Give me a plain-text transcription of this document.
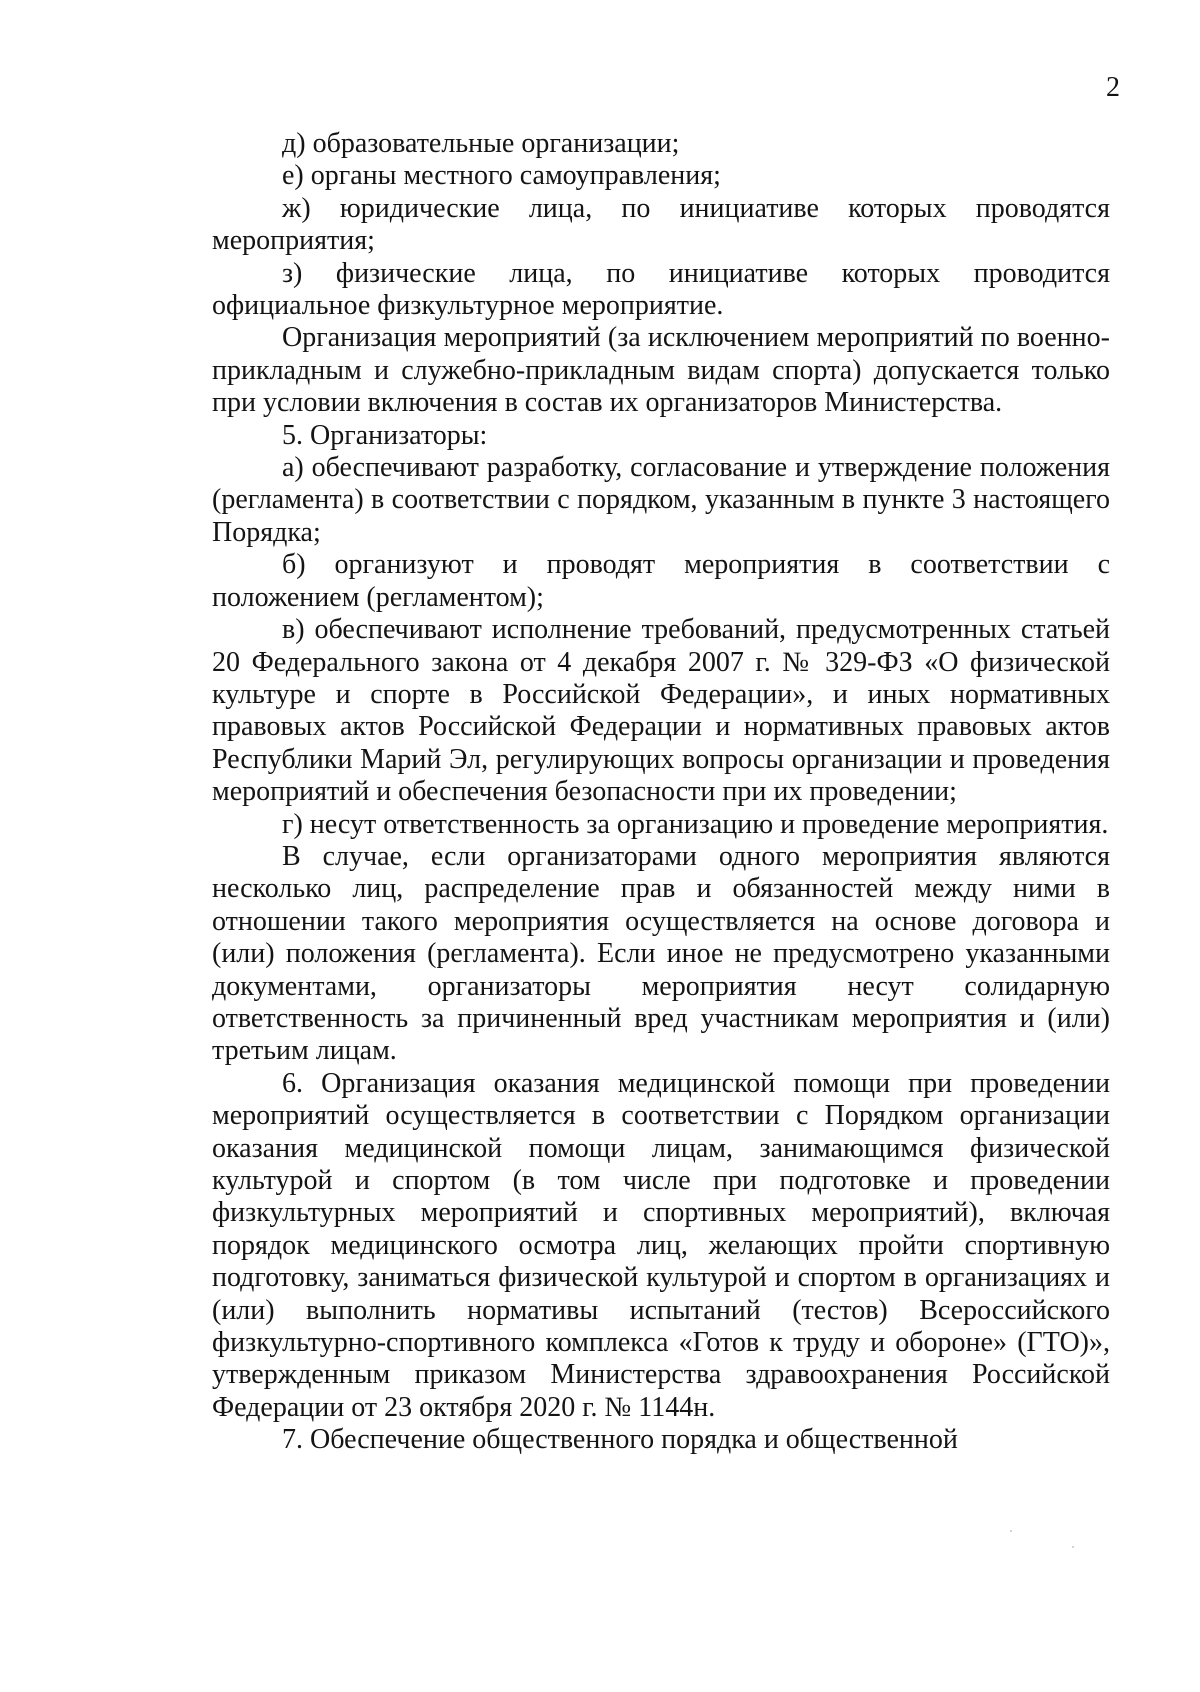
2

д) образовательные организации;

е) органы местного самоуправления;

ж) юридические лица, по инициативе которых проводятся мероприятия;

з) физические лица, по инициативе которых проводится официальное физкультурное мероприятие.

Организация мероприятий (за исключением мероприятий по военно-прикладным и служебно-прикладным видам спорта) допускается только при условии включения в состав их организаторов Министерства.

5. Организаторы:

а) обеспечивают разработку, согласование и утверждение положения (регламента) в соответствии с порядком, указанным в пункте 3 настоящего Порядка;

б) организуют и проводят мероприятия в соответствии с положением (регламентом);

в) обеспечивают исполнение требований, предусмотренных статьей 20 Федерального закона от 4 декабря 2007 г. № 329-ФЗ «О физической культуре и спорте в Российской Федерации», и иных нормативных правовых актов Российской Федерации и нормативных правовых актов Республики Марий Эл, регулирующих вопросы организации и проведения мероприятий и обеспечения безопасности при их проведении;

г) несут ответственность за организацию и проведение мероприятия.

В случае, если организаторами одного мероприятия являются несколько лиц, распределение прав и обязанностей между ними в отношении такого мероприятия осуществляется на основе договора и (или) положения (регламента). Если иное не предусмотрено указанными документами, организаторы мероприятия несут солидарную ответственность за причиненный вред участникам мероприятия и (или) третьим лицам.

6. Организация оказания медицинской помощи при проведении мероприятий осуществляется в соответствии с Порядком организации оказания медицинской помощи лицам, занимающимся физической культурой и спортом (в том числе при подготовке и проведении физкультурных мероприятий и спортивных мероприятий), включая порядок медицинского осмотра лиц, желающих пройти спортивную подготовку, заниматься физической культурой и спортом в организациях и (или) выполнить нормативы испытаний (тестов) Всероссийского физкультурно-спортивного комплекса «Готов к труду и обороне» (ГТО)», утвержденным приказом Министерства здравоохранения Российской Федерации от 23 октября 2020 г. № 1144н.

7. Обеспечение общественного порядка и общественной
